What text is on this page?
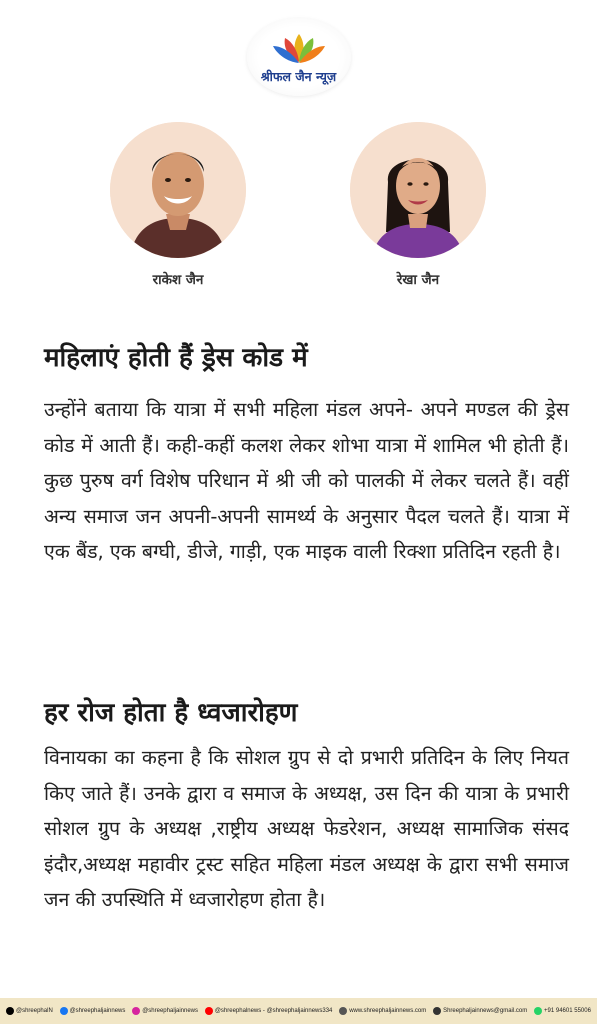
श्रीफल जैन न्यूज़
राकेश जैन	रेखा जैन
महिलाएं होती हैं ड्रेस कोड में

उन्होंने बताया कि यात्रा में सभी महिला मंडल अपने- अपने मण्डल की ड्रेस कोड में आती हैं। कही-कहीं कलश लेकर शोभा यात्रा में शामिल भी होती हैं। कुछ पुरुष वर्ग विशेष परिधान में श्री जी को पालकी में लेकर चलते हैं। वहीं अन्य समाज जन अपनी-अपनी सामर्थ्य के अनुसार पैदल चलते हैं। यात्रा में एक बैंड, एक बग्घी, डीजे, गाड़ी, एक माइक वाली रिक्शा प्रतिदिन रहती है।

हर रोज होता है ध्वजारोहण

विनायका का कहना है कि सोशल ग्रुप से दो प्रभारी प्रतिदिन के लिए नियत किए जाते हैं। उनके द्वारा व समाज के अध्यक्ष, उस दिन की यात्रा के प्रभारी सोशल ग्रुप के अध्यक्ष ,राष्ट्रीय अध्यक्ष फेडरेशन, अध्यक्ष सामाजिक संसद इंदौर,अध्यक्ष महावीर ट्रस्ट सहित महिला मंडल अध्यक्ष के द्वारा सभी समाज जन की उपस्थिति में ध्वजारोहण होता है।

@shreephalN	@shreephaljainnews	@shreephaljainnews	@shreephalnews - @shreephaljainnews334	www.shreephaljainnews.com	Shreephaljainnews@gmail.com	+91 94601 55006
